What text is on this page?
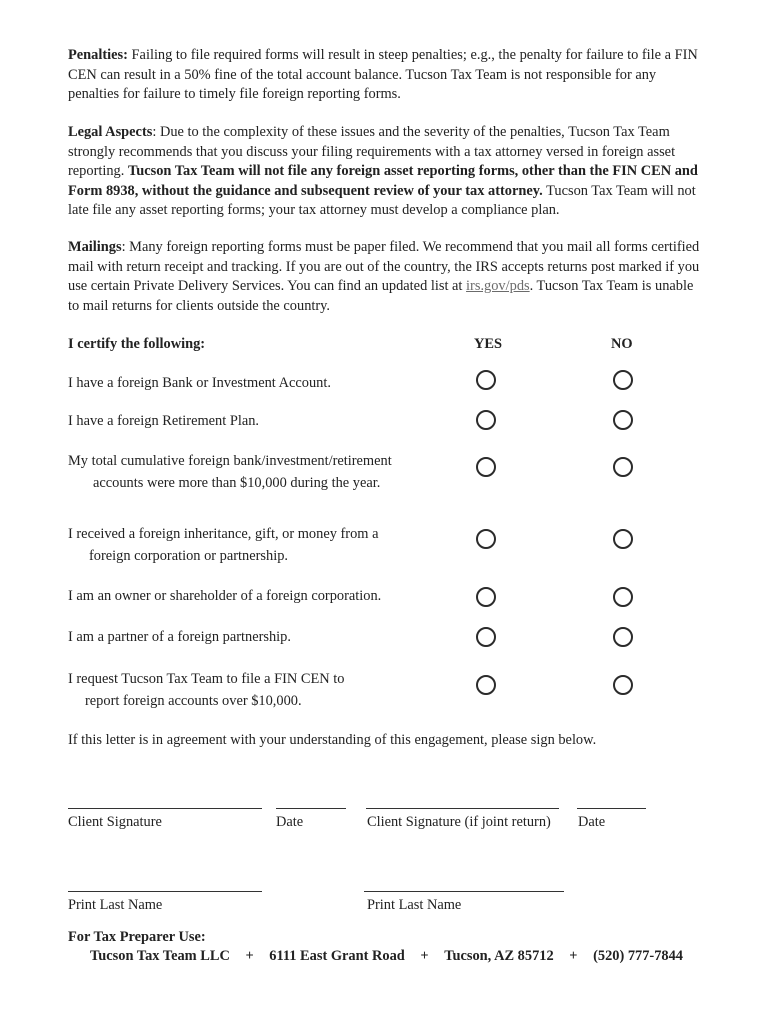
Penalties: Failing to file required forms will result in steep penalties; e.g., the penalty for failure to file a FIN CEN can result in a 50% fine of the total account balance. Tucson Tax Team is not responsible for any penalties for failure to timely file foreign reporting forms.

Legal Aspects: Due to the complexity of these issues and the severity of the penalties, Tucson Tax Team strongly recommends that you discuss your filing requirements with a tax attorney versed in foreign asset reporting. Tucson Tax Team will not file any foreign asset reporting forms, other than the FIN CEN and Form 8938, without the guidance and subsequent review of your tax attorney. Tucson Tax Team will not late file any asset reporting forms; your tax attorney must develop a compliance plan.

Mailings: Many foreign reporting forms must be paper filed. We recommend that you mail all forms certified mail with return receipt and tracking. If you are out of the country, the IRS accepts returns post marked if you use certain Private Delivery Services. You can find an updated list at irs.gov/pds. Tucson Tax Team is unable to mail returns for clients outside the country.

I certify the following:	YES	NO
I have a foreign Bank or Investment Account.
I have a foreign Retirement Plan.
My total cumulative foreign bank/investment/retirement
accounts were more than $10,000 during the year.
I received a foreign inheritance, gift, or money from a
foreign corporation or partnership.
I am an owner or shareholder of a foreign corporation.
I am a partner of a foreign partnership.
I request Tucson Tax Team to file a FIN CEN to
report foreign accounts over $10,000.
If this letter is in agreement with your understanding of this engagement, please sign below.
Client Signature	Date	Client Signature (if joint return) Date
Print Last Name	Print Last Name
For Tax Preparer Use:
Tucson Tax Team LLC + 6111 East Grant Road + Tucson, AZ 85712 + (520) 777-7844
